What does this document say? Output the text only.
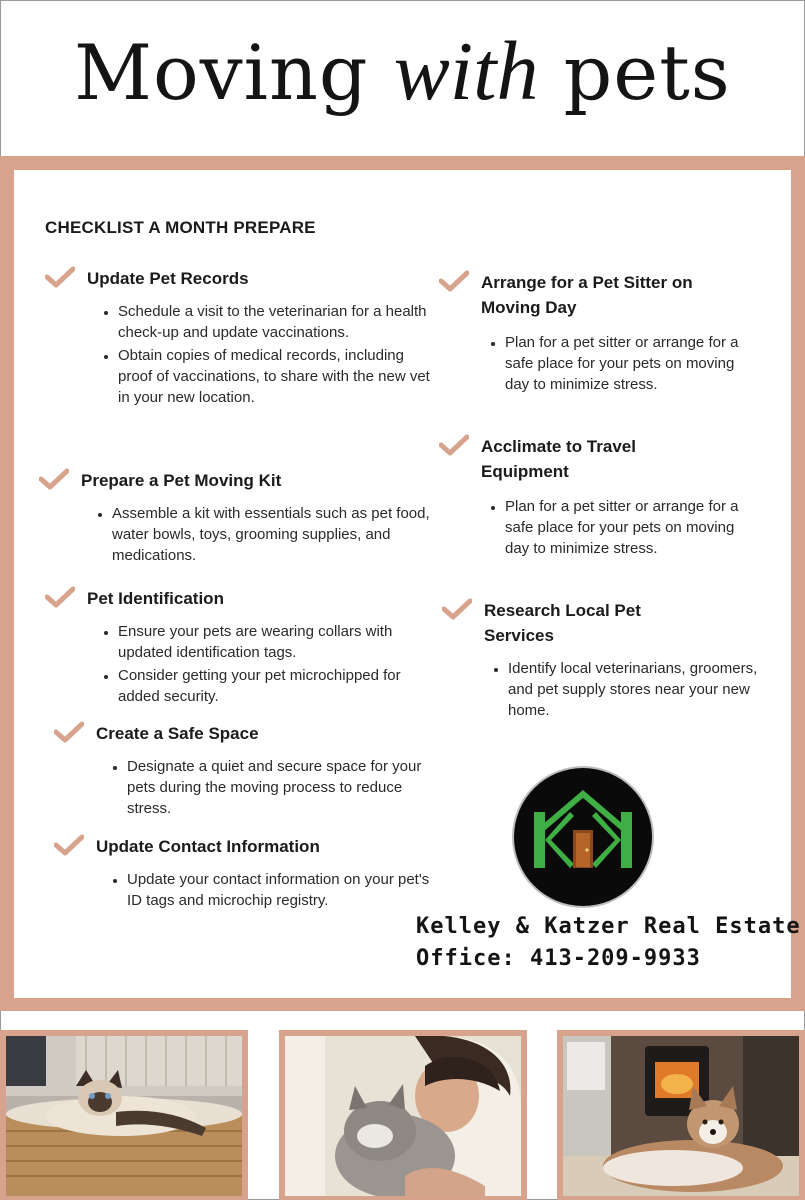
Moving with pets
CHECKLIST A MONTH PREPARE
Update Pet Records
• Schedule a visit to the veterinarian for a health check-up and update vaccinations.
• Obtain copies of medical records, including proof of vaccinations, to share with the new vet in your new location.
Prepare a Pet Moving Kit
• Assemble a kit with essentials such as pet food, water bowls, toys, grooming supplies, and medications.
Pet Identification
• Ensure your pets are wearing collars with updated identification tags.
• Consider getting your pet microchipped for added security.
Create a Safe Space
• Designate a quiet and secure space for your pets during the moving process to reduce stress.
Update Contact Information
• Update your contact information on your pet's ID tags and microchip registry.
Arrange for a Pet Sitter on Moving Day
• Plan for a pet sitter or arrange for a safe place for your pets on moving day to minimize stress.
Acclimate to Travel Equipment
• Plan for a pet sitter or arrange for a safe place for your pets on moving day to minimize stress.
Research Local Pet Services
• Identify local veterinarians, groomers, and pet supply stores near your new home.
Kelley & Katzer Real Estate
Office: 413-209-9933
